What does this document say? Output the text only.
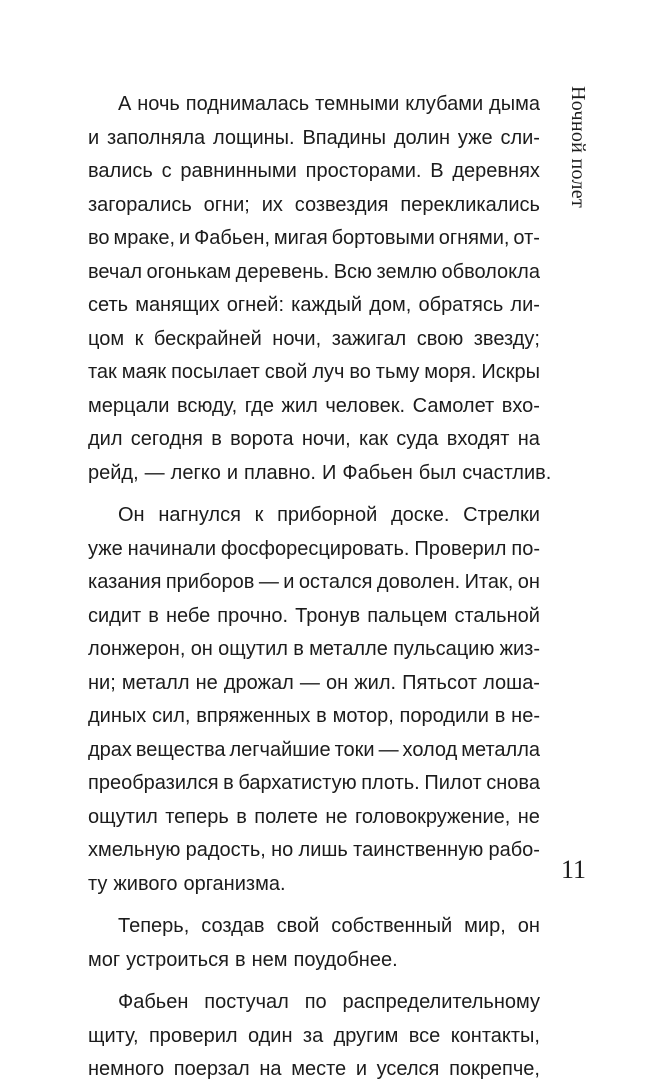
А ночь поднималась темными клубами дыма
и заполняла лощины. Впадины долин уже сли-
вались с равнинными просторами. В деревнях
загорались огни; их созвездия перекликались
во мраке, и Фабьен, мигая бортовыми огнями, от-
вечал огонькам деревень. Всю землю обволокла
сеть манящих огней: каждый дом, обратясь ли-
цом к бескрайней ночи, зажигал свою звезду;
так маяк посылает свой луч во тьму моря. Искры
мерцали всюду, где жил человек. Самолет вхо-
дил сегодня в ворота ночи, как суда входят на
рейд, — легко и плавно. И Фабьен был счастлив.
Он нагнулся к приборной доске. Стрелки
уже начинали фосфоресцировать. Проверил по-
казания приборов — и остался доволен. Итак, он
сидит в небе прочно. Тронув пальцем стальной
лонжерон, он ощутил в металле пульсацию жиз-
ни; металл не дрожал — он жил. Пятьсот лоша-
диных сил, впряженных в мотор, породили в не-
драх вещества легчайшие токи — холод металла
преобразился в бархатистую плоть. Пилот снова
ощутил теперь в полете не головокружение, не
хмельную радость, но лишь таинственную рабо-
ту живого организма.
Теперь, создав свой собственный мир, он
мог устроиться в нем поудобнее.
Фабьен постучал по распределительному
щиту, проверил один за другим все контакты,
немного поерзал на месте и уселся покрепче,
Ночной полет
11
